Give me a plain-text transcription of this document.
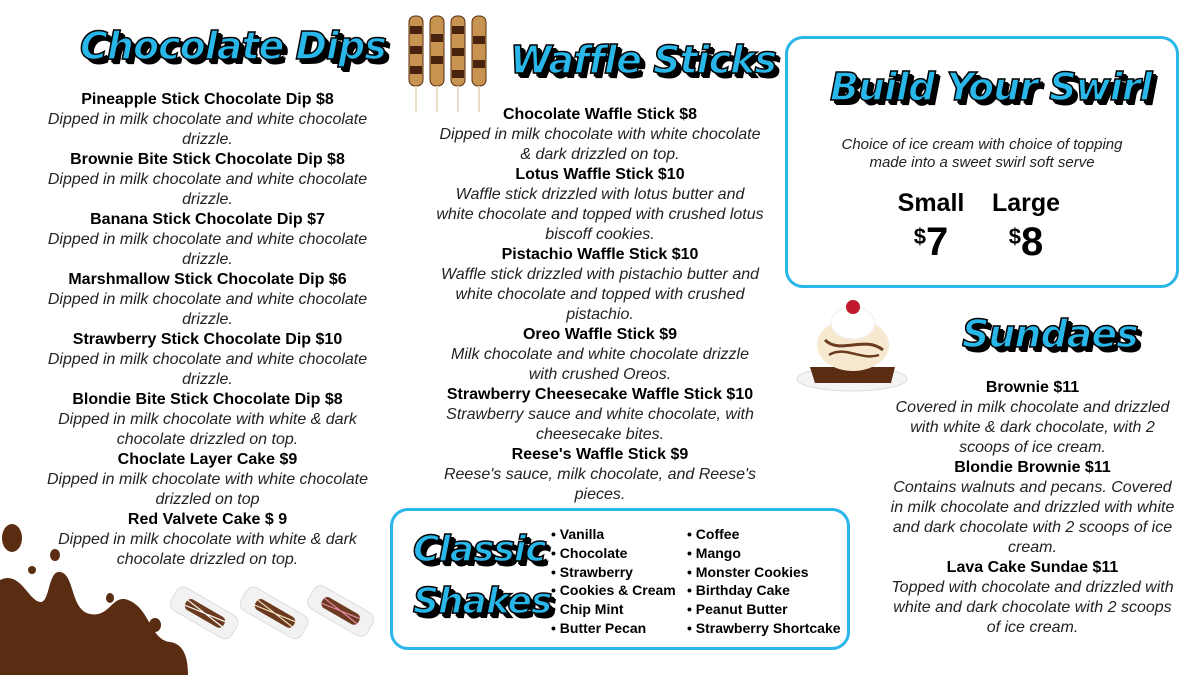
Chocolate Dips
Pineapple Stick Chocolate Dip $8
Dipped in milk chocolate and white chocolate drizzle.
Brownie Bite Stick Chocolate Dip $8
Dipped in milk chocolate and white chocolate drizzle.
Banana Stick Chocolate Dip $7
Dipped in milk chocolate and white chocolate drizzle.
Marshmallow Stick Chocolate Dip $6
Dipped in milk chocolate and white chocolate drizzle.
Strawberry Stick Chocolate Dip $10
Dipped in milk chocolate and white chocolate drizzle.
Blondie Bite Stick Chocolate Dip $8
Dipped in milk chocolate with white & dark chocolate drizzled on top.
Choclate Layer Cake $9
Dipped in milk chocolate with white chocolate drizzled on top
Red Valvete Cake $ 9
Dipped in milk chocolate with white & dark chocolate drizzled on top.
Waffle Sticks
Chocolate Waffle Stick $8
Dipped in milk chocolate with white chocolate & dark drizzled on top.
Lotus Waffle Stick $10
Waffle stick drizzled with lotus butter and white chocolate and topped with crushed lotus biscoff cookies.
Pistachio Waffle Stick $10
Waffle stick drizzled with pistachio butter and white chocolate and topped with crushed pistachio.
Oreo Waffle Stick $9
Milk chocolate and white chocolate drizzle with crushed Oreos.
Strawberry Cheesecake Waffle Stick $10
Strawberry sauce and white chocolate, with cheesecake bites.
Reese's Waffle Stick $9
Reese's sauce, milk chocolate, and Reese's pieces.
Build Your Swirl
Choice of ice cream with choice of topping
made into a sweet swirl soft serve
Small
$7
Large
$8
Sundaes
Brownie $11
Covered in milk chocolate and drizzled with white & dark chocolate, with 2 scoops of ice cream.
Blondie Brownie $11
Contains walnuts and pecans. Covered in milk chocolate and drizzled with white and dark chocolate with 2 scoops of ice cream.
Lava Cake Sundae $11
Topped with chocolate and drizzled with white and dark chocolate with 2 scoops of ice cream.
Classic
Shakes
• Vanilla
• Chocolate
• Strawberry
• Cookies & Cream
• Chip Mint
• Butter Pecan
• Coffee
• Mango
• Monster Cookies
• Birthday Cake
• Peanut Butter
• Strawberry Shortcake
